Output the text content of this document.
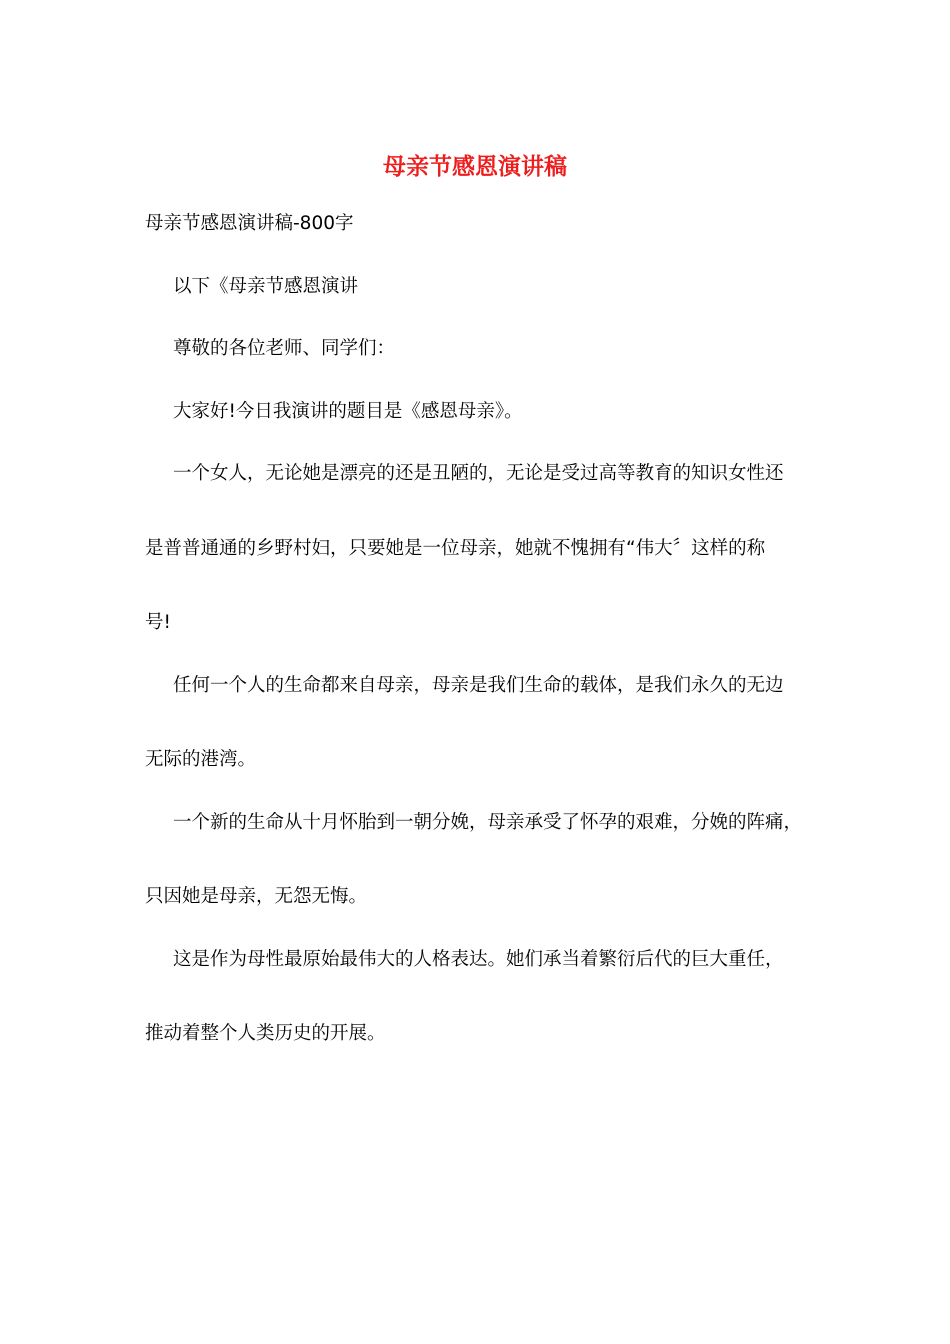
母亲节感恩演讲稿

母亲节感恩演讲稿-800字

以下《母亲节感恩演讲

尊敬的各位老师、同学们：

大家好!今日我演讲的题目是《感恩母亲》。

一个女人，无论她是漂亮的还是丑陋的，无论是受过高等教育的知识女性还

是普普通通的乡野村妇，只要她是一位母亲，她就不愧拥有“伟大〞这样的称

号!

任何一个人的生命都来自母亲，母亲是我们生命的载体，是我们永久的无边

无际的港湾。

一个新的生命从十月怀胎到一朝分娩，母亲承受了怀孕的艰难，分娩的阵痛，

只因她是母亲，无怨无悔。

这是作为母性最原始最伟大的人格表达。她们承当着繁衍后代的巨大重任，

推动着整个人类历史的开展。
